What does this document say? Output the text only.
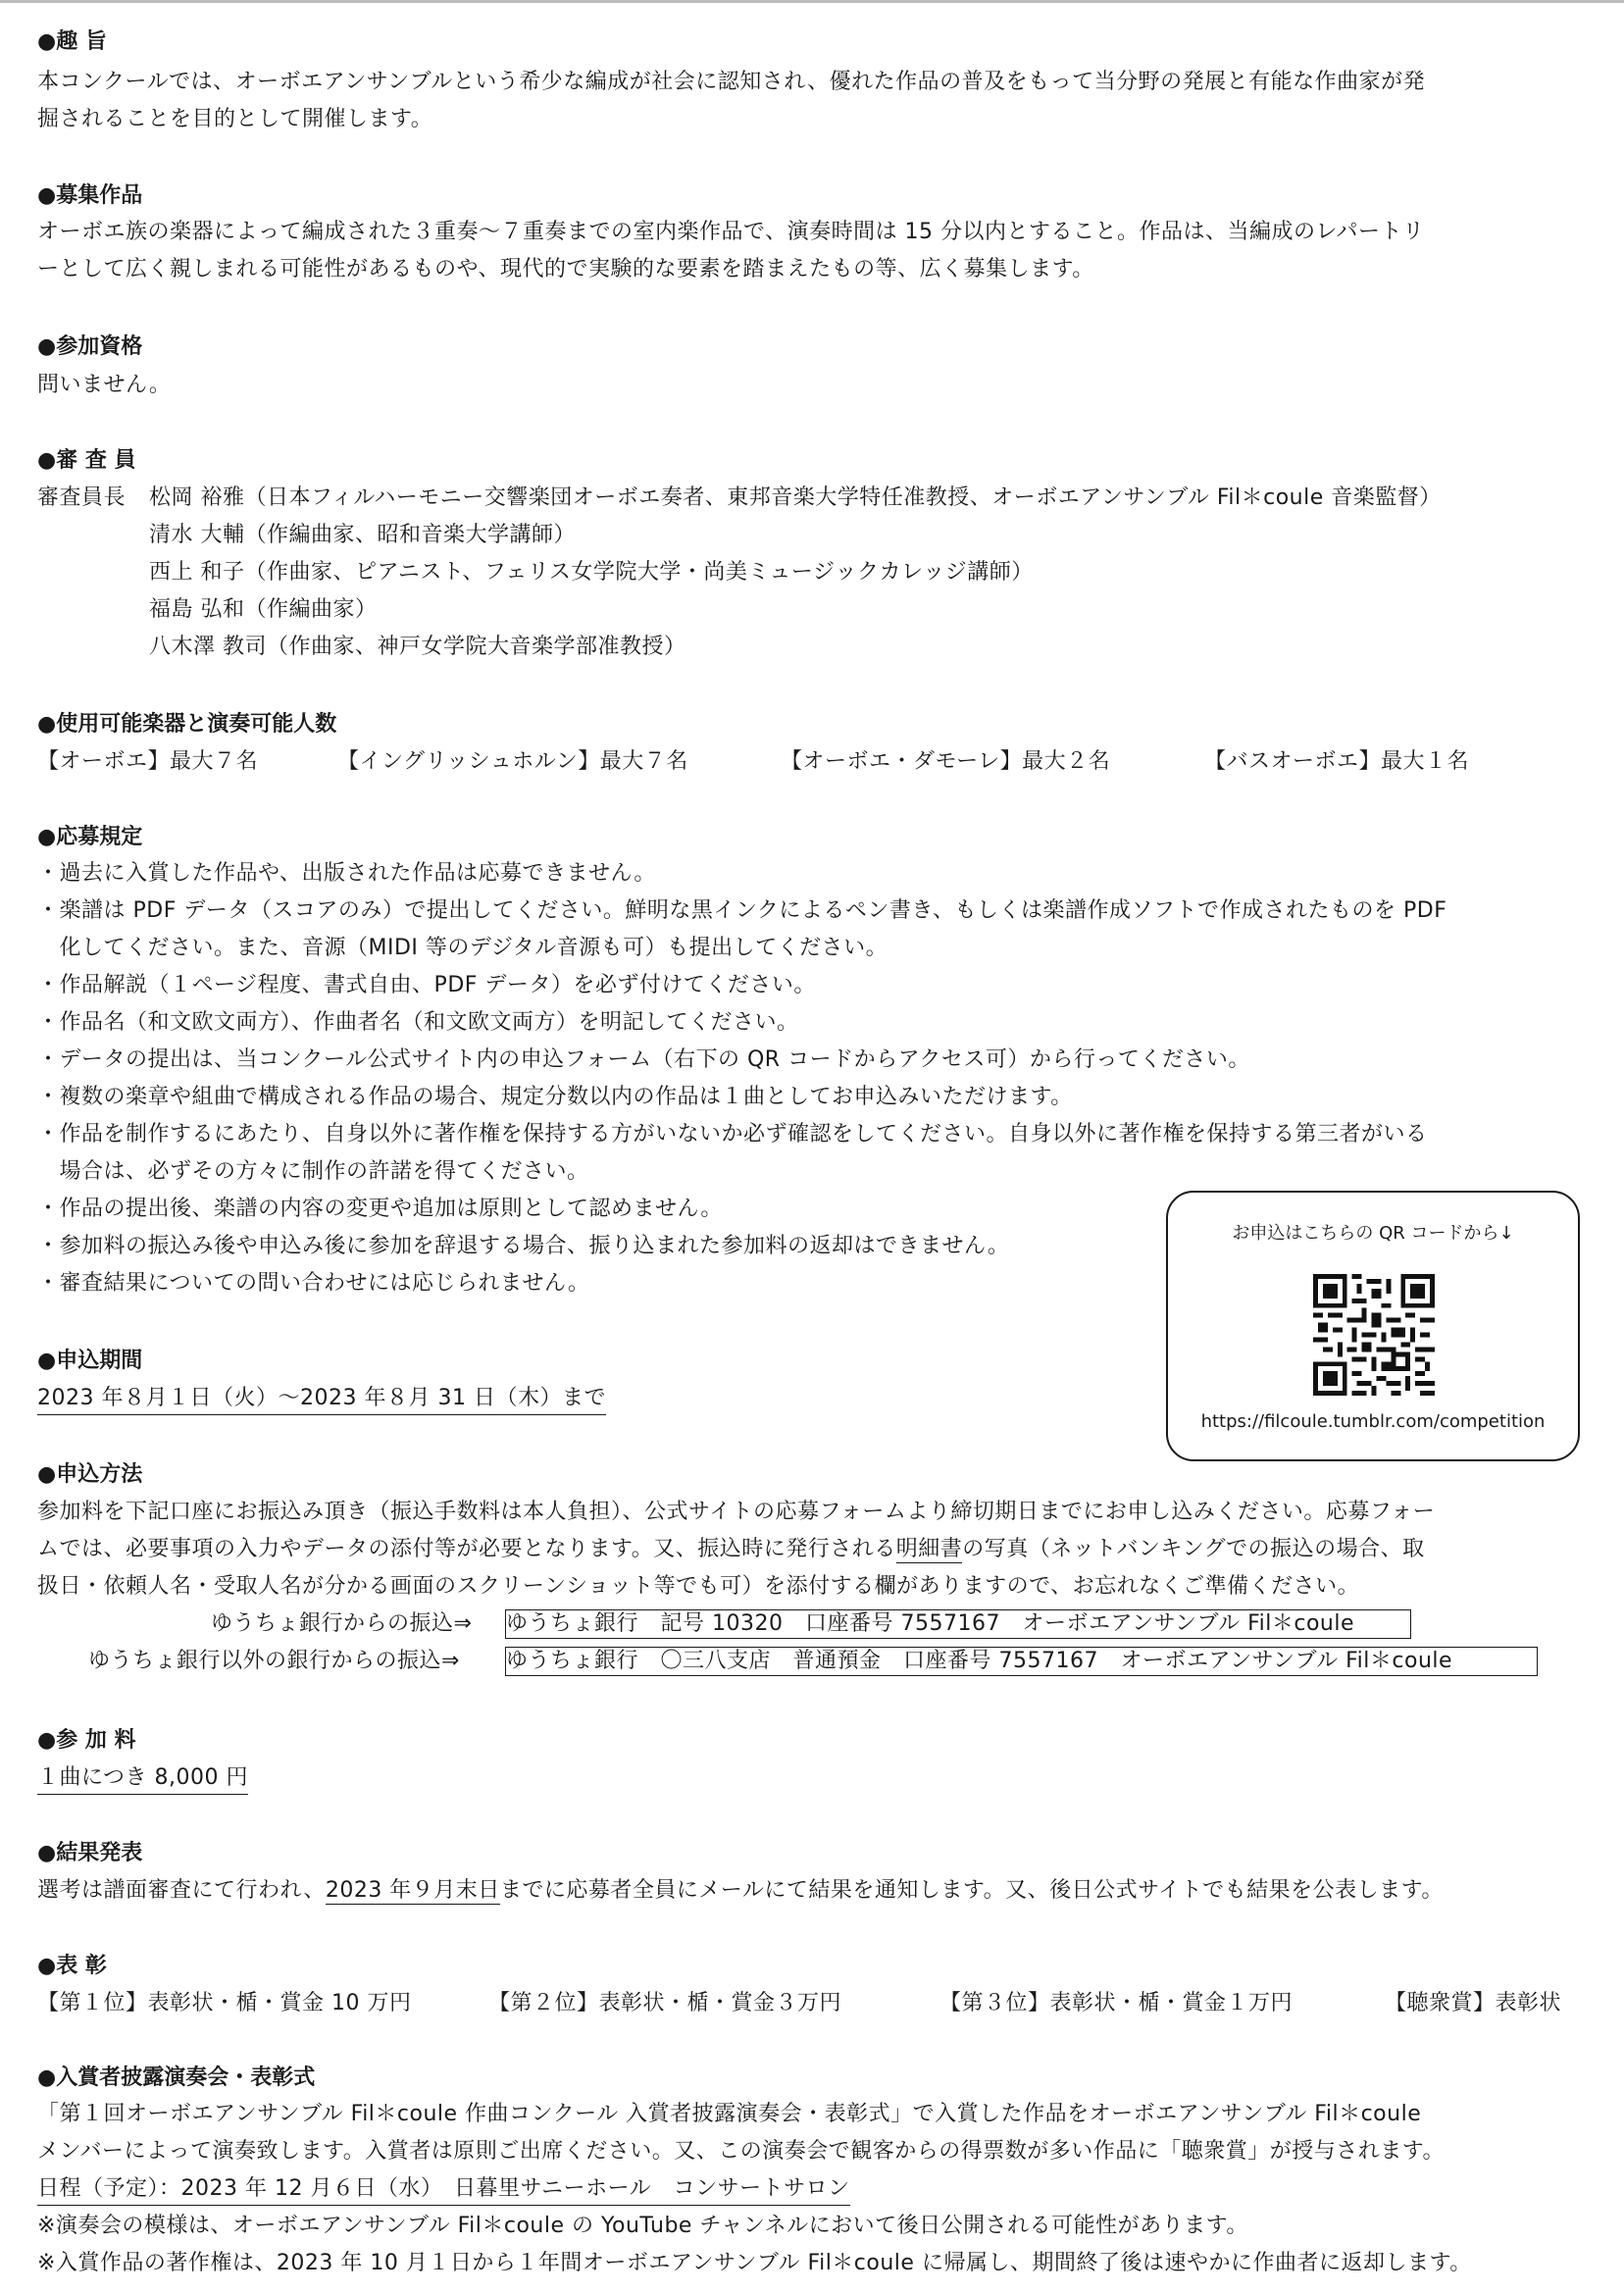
●趣 旨
本コンクールでは、オーボエアンサンブルという希少な編成が社会に認知され、優れた作品の普及をもって当分野の発展と有能な作曲家が発
掘されることを目的として開催します。
●募集作品
オーボエ族の楽器によって編成された３重奏～７重奏までの室内楽作品で、演奏時間は 15 分以内とすること。作品は、当編成のレパートリ
ーとして広く親しまれる可能性があるものや、現代的で実験的な要素を踏まえたもの等、広く募集します。
●参加資格
問いません。
●審 査 員
審査員長 松岡 裕雅（日本フィルハーモニー交響楽団オーボエ奏者、東邦音楽大学特任准教授、オーボエアンサンブル Fil＊coule 音楽監督）
清水 大輔（作編曲家、昭和音楽大学講師）
西上 和子（作曲家、ピアニスト、フェリス女学院大学・尚美ミュージックカレッジ講師）
福島 弘和（作編曲家）
八木澤 教司（作曲家、神戸女学院大音楽学部准教授）
●使用可能楽器と演奏可能人数
【オーボエ】最大７名	【イングリッシュホルン】最大７名	【オーボエ・ダモーレ】最大２名	【バスオーボエ】最大１名
●応募規定
・過去に入賞した作品や、出版された作品は応募できません。
・楽譜は PDF データ（スコアのみ）で提出してください。鮮明な黒インクによるペン書き、もしくは楽譜作成ソフトで作成されたものを PDF
　化してください。また、音源（MIDI 等のデジタル音源も可）も提出してください。
・作品解説（１ページ程度、書式自由、PDF データ）を必ず付けてください。
・作品名（和文欧文両方）、作曲者名（和文欧文両方）を明記してください。
・データの提出は、当コンクール公式サイト内の申込フォーム（右下の QR コードからアクセス可）から行ってください。
・複数の楽章や組曲で構成される作品の場合、規定分数以内の作品は１曲としてお申込みいただけます。
・作品を制作するにあたり、自身以外に著作権を保持する方がいないか必ず確認をしてください。自身以外に著作権を保持する第三者がいる
　場合は、必ずその方々に制作の許諾を得てください。
・作品の提出後、楽譜の内容の変更や追加は原則として認めません。
・参加料の振込み後や申込み後に参加を辞退する場合、振り込まれた参加料の返却はできません。
・審査結果についての問い合わせには応じられません。
お申込はこちらの QR コードから↓
https://filcoule.tumblr.com/competition
●申込期間
2023 年８月１日（火）～2023 年８月 31 日（木）まで
●申込方法
参加料を下記口座にお振込み頂き（振込手数料は本人負担）、公式サイトの応募フォームより締切期日までにお申し込みください。応募フォー
ムでは、必要事項の入力やデータの添付等が必要となります。又、振込時に発行される明細書の写真（ネットバンキングでの振込の場合、取
扱日・依頼人名・受取人名が分かる画面のスクリーンショット等でも可）を添付する欄がありますので、お忘れなくご準備ください。
ゆうちょ銀行からの振込⇒ ゆうちょ銀行　記号 10320　口座番号 7557167　オーボエアンサンブル Fil＊coule
ゆうちょ銀行以外の銀行からの振込⇒ ゆうちょ銀行　〇三八支店　普通預金　口座番号 7557167　オーボエアンサンブル Fil＊coule
●参 加 料
１曲につき 8,000 円
●結果発表
選考は譜面審査にて行われ、2023 年９月末日までに応募者全員にメールにて結果を通知します。又、後日公式サイトでも結果を公表します。
●表 彰
【第１位】表彰状・楯・賞金 10 万円	【第２位】表彰状・楯・賞金３万円	【第３位】表彰状・楯・賞金１万円	【聴衆賞】表彰状
●入賞者披露演奏会・表彰式
「第１回オーボエアンサンブル Fil＊coule 作曲コンクール 入賞者披露演奏会・表彰式」で入賞した作品をオーボエアンサンブル Fil＊coule
メンバーによって演奏致します。入賞者は原則ご出席ください。又、この演奏会で観客からの得票数が多い作品に「聴衆賞」が授与されます。
日程（予定）：2023 年 12 月６日（水）　日暮里サニーホール　コンサートサロン
※演奏会の模様は、オーボエアンサンブル Fil＊coule の YouTube チャンネルにおいて後日公開される可能性があります。
※入賞作品の著作権は、2023 年 10 月１日から１年間オーボエアンサンブル Fil＊coule に帰属し、期間終了後は速やかに作曲者に返却します。
